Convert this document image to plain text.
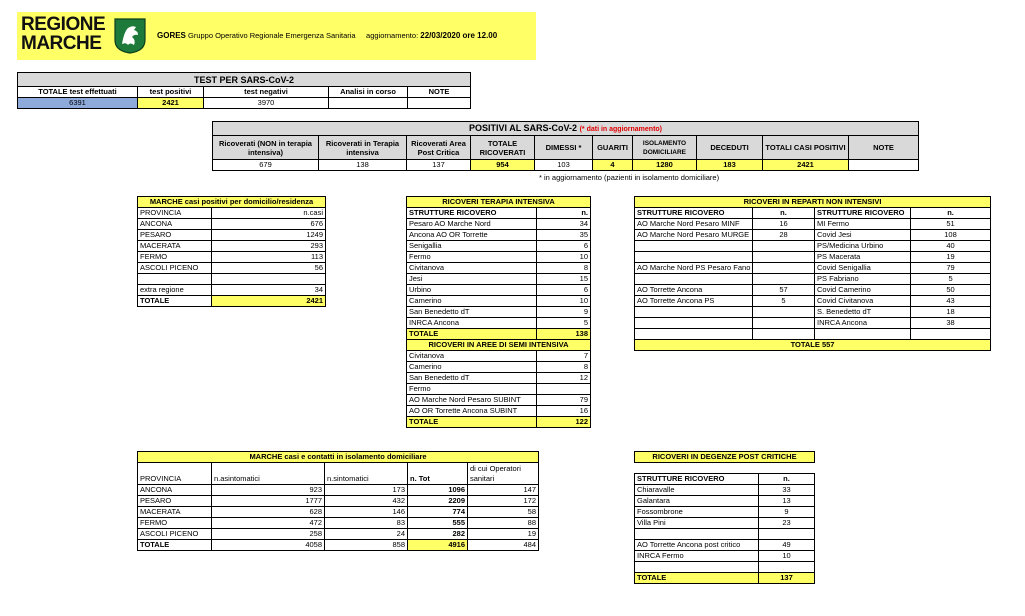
REGIONE
MARCHE	GORES Gruppo Operativo Regionale Emergenza Sanitaria aggiornamento: 22/03/2020 ore 12.00
TEST PER SARS-CoV-2				
TOTALE test effettuati	test positivi	test negativi	Analisi in corso	NOTE
6391	2421	3970		
POSITIVI AL SARS-CoV-2 (* dati in aggiornamento)									
Ricoverati (NON in terapia intensiva)	Ricoverati in Terapia intensiva	Ricoverati Area Post Critica	TOTALE RICOVERATI	DIMESSI *	GUARITI	ISOLAMENTO DOMICILIARE	DECEDUTI	TOTALI CASI POSITIVI	NOTE
679	138	137	954	103	4	1280	183	2421	
* in aggiornamento (pazienti in isolamento domiciliare)
MARCHE casi positivi per domicilio/residenza	
PROVINCIA	n.casi
ANCONA	676
PESARO	1249
MACERATA	293
FERMO	113
ASCOLI PICENO	56

extra regione	34
TOTALE	2421
RICOVERI TERAPIA INTENSIVA	
STRUTTURE RICOVERO	n.
Pesaro AO Marche Nord	34
Ancona AO OR Torrette	35
Senigallia	6
Fermo	10
Civitanova	8
Jesi	15
Urbino	6
Camerino	10
San Benedetto dT	9
INRCA Ancona	5
TOTALE	138
RICOVERI IN AREE DI SEMI INTENSIVA	
Civitanova	7
Camerino	8
San Benedetto dT	12
Fermo	
AO Marche Nord Pesaro SUBINT	79
AO OR Torrette Ancona SUBINT	16
TOTALE	122
RICOVERI IN REPARTI NON INTENSIVI			
STRUTTURE RICOVERO	n.	STRUTTURE RICOVERO	n.
AO Marche Nord Pesaro MINF	16	MI Fermo	51
AO Marche Nord Pesaro MURGE	28	Covid Jesi	108
		PS/Medicina Urbino	40
		PS Macerata	19
AO Marche Nord PS Pesaro Fano		Covid Senigallia	79
		PS Fabriano	5
AO Torrette Ancona	57	Covid Camerino	50
AO Torrette Ancona PS	5	Covid Civitanova	43
		S. Benedetto dT	18
		INRCA Ancona	38

TOTALE 557			
MARCHE casi e contatti in isolamento domiciliare				
PROVINCIA	n.asintomatici	n.sintomatici	n. Tot	di cui Operatori sanitari
ANCONA	923	173	1096	147
PESARO	1777	432	2209	172
MACERATA	628	146	774	58
FERMO	472	83	555	88
ASCOLI PICENO	258	24	282	19
TOTALE	4058	858	4916	484
RICOVERI IN DEGENZE POST CRITICHE	

STRUTTURE RICOVERO	n.
Chiaravalle	33
Galantara	13
Fossombrone	9
Villa Pini	23

AO Torrette Ancona post critico	49
INRCA Fermo	10

TOTALE	137
